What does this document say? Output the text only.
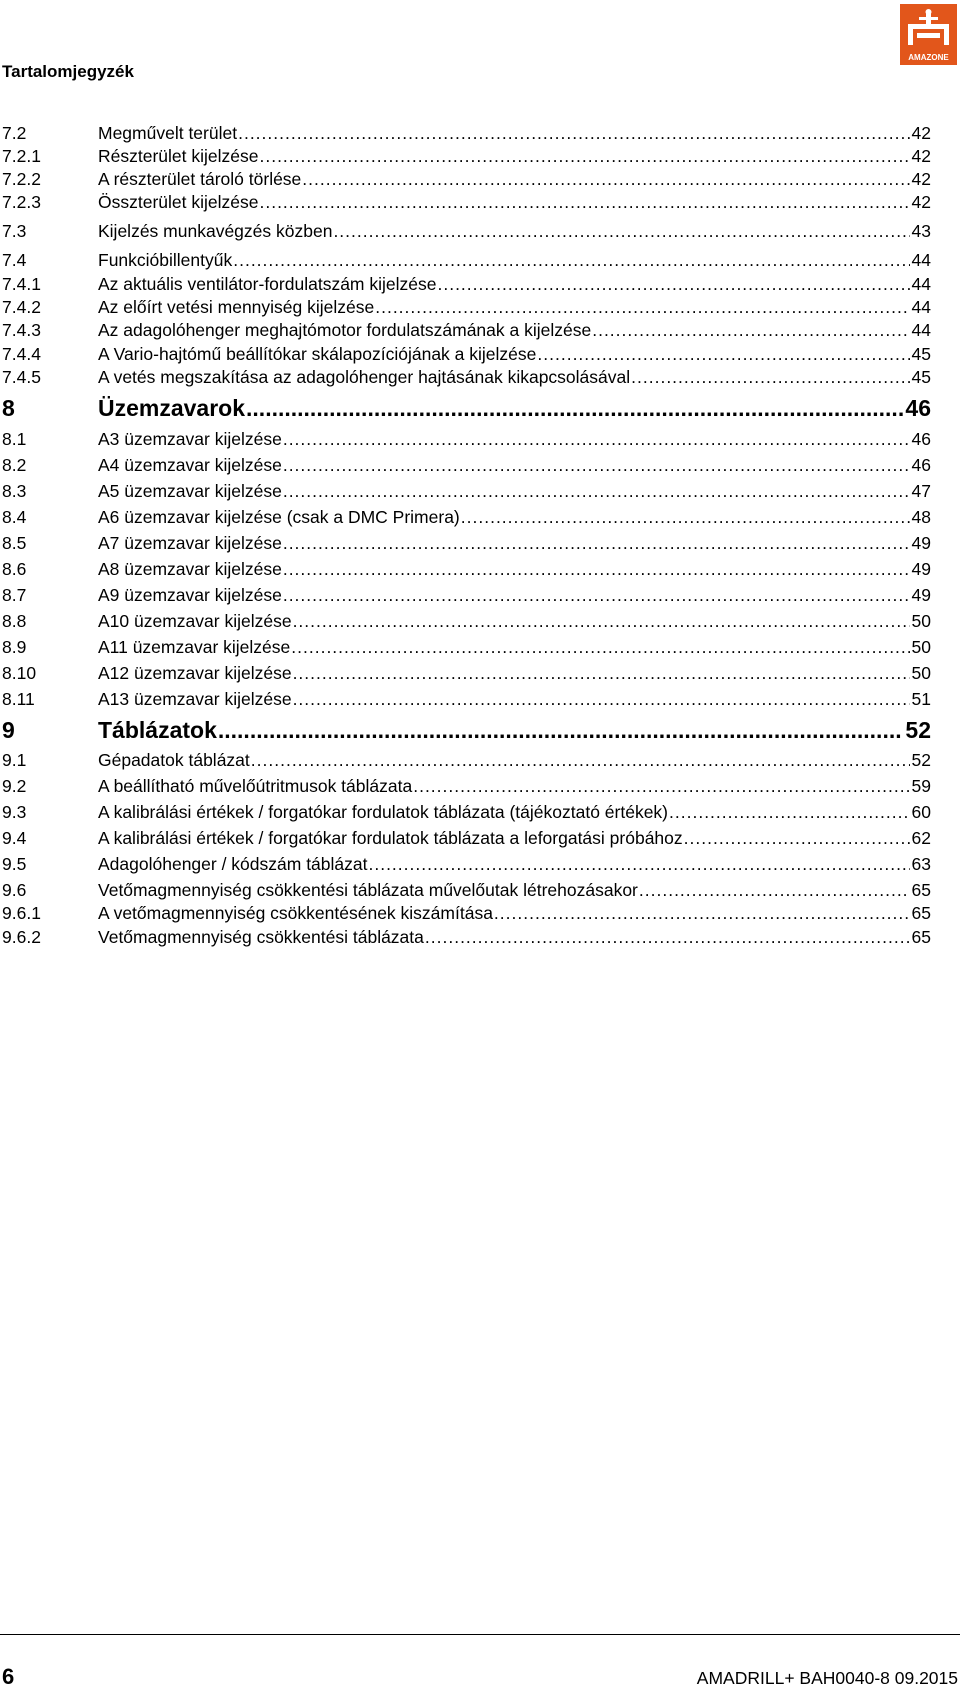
Tartalomjegyzék
AMAZONE
7.2	Megművelt terület .....	42
7.2.1	Részterület kijelzése .....	42
7.2.2	A részterület tároló törlése .....	42
7.2.3	Összterület kijelzése .....	42
7.3	Kijelzés munkavégzés közben .....	43
7.4	Funkcióbillentyűk .....	44
7.4.1	Az aktuális ventilátor-fordulatszám kijelzése .....	44
7.4.2	Az előírt vetési mennyiség kijelzése .....	44
7.4.3	Az adagolóhenger meghajtómotor fordulatszámának a kijelzése .....	44
7.4.4	A Vario-hajtómű beállítókar skálapozíciójának a kijelzése .....	45
7.4.5	A vetés megszakítása az adagolóhenger hajtásának kikapcsolásával .....	45
8	Üzemzavarok .....	46
8.1	A3 üzemzavar kijelzése .....	46
8.2	A4 üzemzavar kijelzése .....	46
8.3	A5 üzemzavar kijelzése .....	47
8.4	A6 üzemzavar kijelzése (csak a DMC Primera) .....	48
8.5	A7 üzemzavar kijelzése .....	49
8.6	A8 üzemzavar kijelzése .....	49
8.7	A9 üzemzavar kijelzése .....	49
8.8	A10 üzemzavar kijelzése .....	50
8.9	A11 üzemzavar kijelzése .....	50
8.10	A12 üzemzavar kijelzése .....	50
8.11	A13 üzemzavar kijelzése .....	51
9	Táblázatok .....	52
9.1	Gépadatok táblázat .....	52
9.2	A beállítható művelőútritmusok táblázata .....	59
9.3	A kalibrálási értékek / forgatókar fordulatok táblázata (tájékoztató értékek) .....	60
9.4	A kalibrálási értékek / forgatókar fordulatok táblázata a leforgatási próbához .....	62
9.5	Adagolóhenger / kódszám táblázat .....	63
9.6	Vetőmagmennyiség csökkentési táblázata művelőutak létrehozásakor .....	65
9.6.1	A vetőmagmennyiség csökkentésének kiszámítása .....	65
9.6.2	Vetőmagmennyiség csökkentési táblázata .....	65
6	AMADRILL+ BAH0040-8 09.2015
